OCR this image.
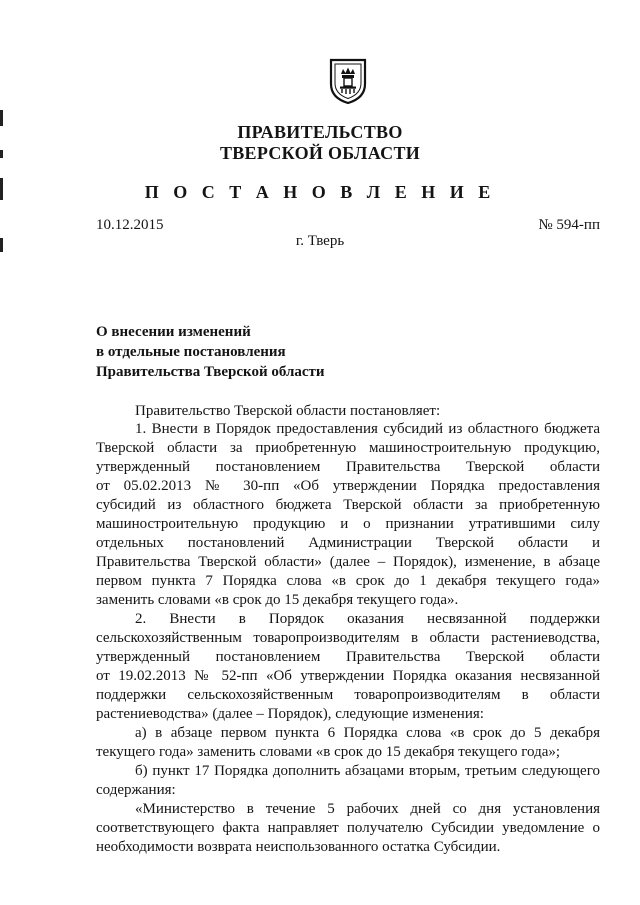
ПРАВИТЕЛЬСТВО
ТВЕРСКОЙ ОБЛАСТИ
П О С Т А Н О В Л Е Н И Е
10.12.2015	№ 594-пп
г. Тверь
О внесении изменений
в отдельные постановления
Правительства Тверской области
Правительство Тверской области постановляет:
1. Внести в Порядок предоставления субсидий из областного бюджета
Тверской области за приобретенную машиностроительную продукцию,
утвержденный постановлением Правительства Тверской области
от 05.02.2013 № 30-пп «Об утверждении Порядка предоставления
субсидий из областного бюджета Тверской области за приобретенную
машиностроительную продукцию и о признании утратившими силу
отдельных постановлений Администрации Тверской области и
Правительства Тверской области» (далее – Порядок), изменение, в абзаце
первом пункта 7 Порядка слова «в срок до 1 декабря текущего года»
заменить словами «в срок до 15 декабря текущего года».
2. Внести в Порядок оказания несвязанной поддержки
сельскохозяйственным товаропроизводителям в области растениеводства,
утвержденный постановлением Правительства Тверской области
от 19.02.2013 № 52-пп «Об утверждении Порядка оказания несвязанной
поддержки сельскохозяйственным товаропроизводителям в области
растениеводства» (далее – Порядок), следующие изменения:
а) в абзаце первом пункта 6 Порядка слова «в срок до 5 декабря
текущего года» заменить словами «в срок до 15 декабря текущего года»;
б) пункт 17 Порядка дополнить абзацами вторым, третьим следующего
содержания:
«Министерство в течение 5 рабочих дней со дня установления
соответствующего факта направляет получателю Субсидии уведомление о
необходимости возврата неиспользованного остатка Субсидии.
